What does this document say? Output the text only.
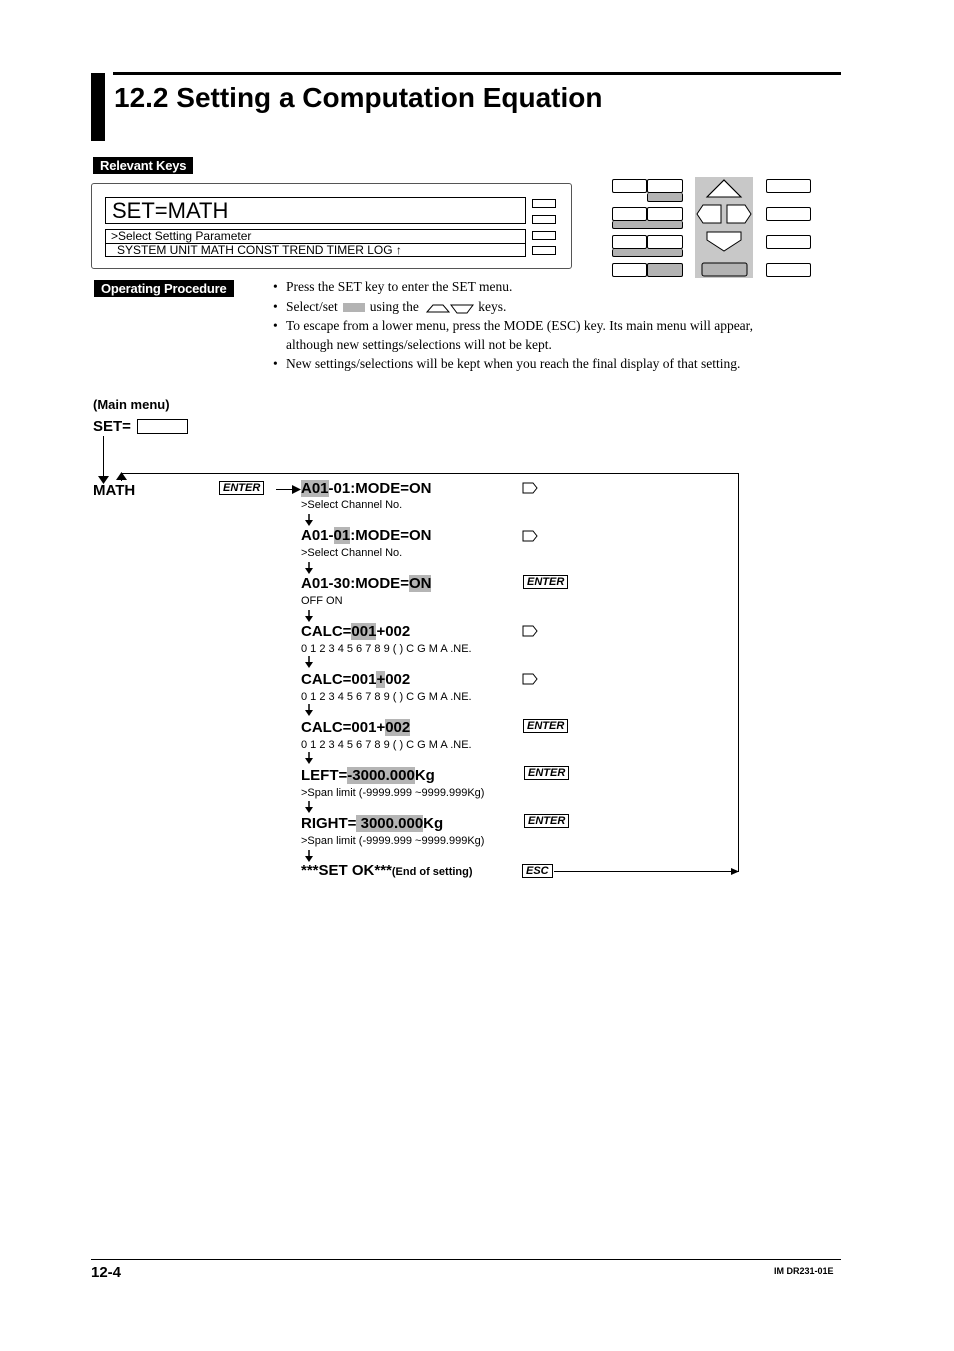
12.2 Setting a Computation Equation
Relevant Keys
SET=MATH
>Select Setting Parameter
SYSTEM UNIT MATH CONST TREND TIMER LOG ↑
Operating Procedure	• Press the SET key to enter the SET menu.
• Select/set using the	keys.
• To escape from a lower menu, press the MODE (ESC) key. Its main menu will appear,
although new settings/selections will not be kept.
• New settings/selections will be kept when you reach the final display of that setting.
(Main menu)
SET=
MATH	ENTER	A01-01:MODE=ON
>Select Channel No.
A01-01:MODE=ON
>Select Channel No.
A01-30:MODE=ON
OFF ON
ENTER
CALC=001+002
0 1 2 3 4 5 6 7 8 9 ( ) C G M A .NE.
CALC=001+002
0 1 2 3 4 5 6 7 8 9 ( ) C G M A .NE.
CALC=001+002
0 1 2 3 4 5 6 7 8 9 ( ) C G M A .NE.
ENTER
LEFT=-3000.000Kg
>Span limit (-9999.999 ~9999.999Kg)
ENTER
RIGHT= 3000.000Kg
>Span limit (-9999.999 ~9999.999Kg)
ENTER
***SET OK***(End of setting)	ESC
12-4	IM DR231-01E
